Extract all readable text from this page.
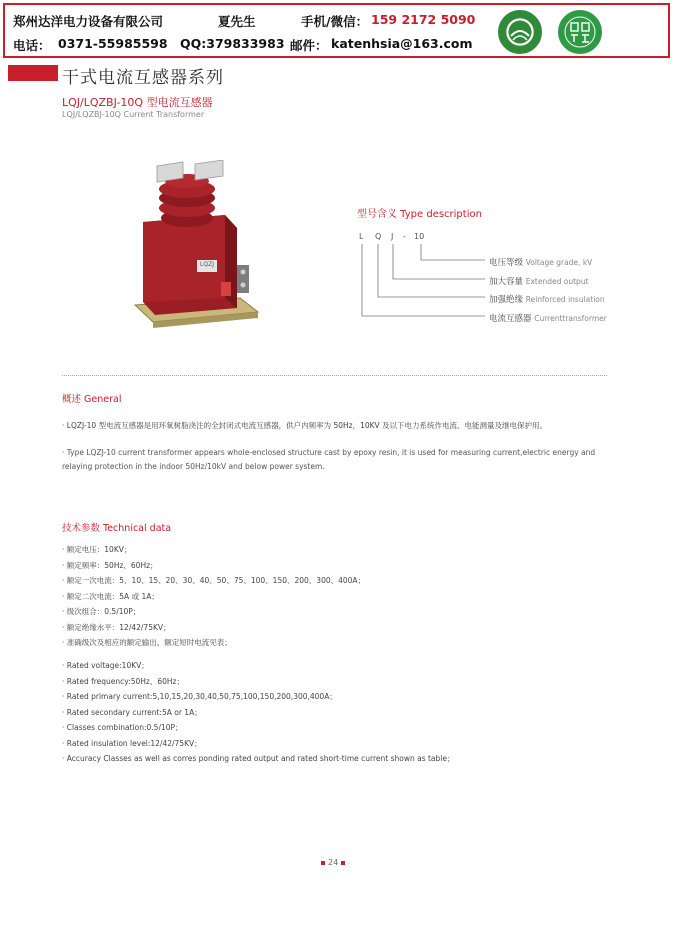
郑州达洋电力设备有限公司	夏先生	手机/微信： 159 2172 5090
电话： 0371-55985598 QQ:379833983 邮件： katenhsia@163.com
干式电流互感器系列
LQJ/LQZBJ-10Q 型电流互感器
LQJ/LQZBJ-10Q Current Transformer
LQZJ
型号含义 Type description
L Q J - 10
电压等级 Voltage grade, kV
加大容量 Extended output
加强绝缘 Reinforced insulation
电流互感器 Currenttransformer
概述 General
· LQZJ-10 型电流互感器是用环氧树脂浇注的全封闭式电流互感器，供户内频率为 50Hz，10KV 及以下电力系统作电流、电能测量及继电保护用。
· Type LQZJ-10 current transformer appears whole-enclosed structure cast by epoxy resin, it is used for measuring current,electric energy and relaying protection in the indoor 50Hz/10kV and below power system.
技术参数 Technical data
· 额定电压：10KV；
· 额定频率：50Hz、60Hz；
· 额定一次电流：5、10、15、20、30、40、50、75、100、150、200、300、400A；
· 额定二次电流：5A 或 1A；
· 级次组合：0.5/10P；
· 额定绝缘水平：12/42/75KV；
· 准确级次及相应的额定输出、额定短时电流见表；
· Rated voltage:10KV；
· Rated frequency:50Hz、60Hz；
· Rated primary current:5,10,15,20,30,40,50,75,100,150,200,300,400A；
· Rated secondary current:5A or 1A；
· Classes combination:0.5/10P；
· Rated insulation level:12/42/75KV；
· Accuracy Classes as well as corres ponding rated output and rated short-time current shown as table；
24
